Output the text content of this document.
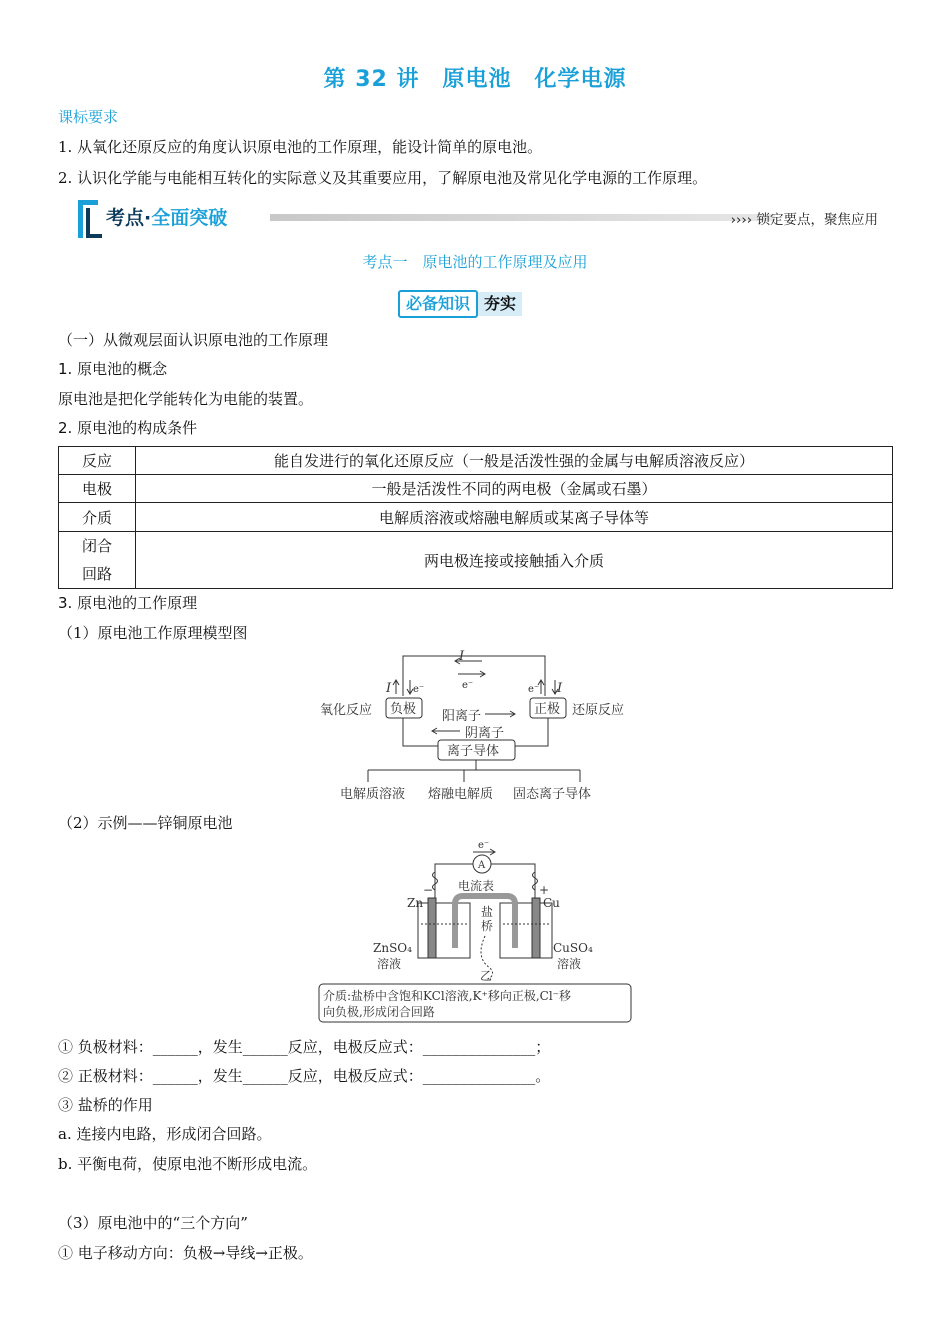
第 32 讲　原电池　化学电源
课标要求
1. 从氧化还原反应的角度认识原电池的工作原理，能设计简单的原电池。
2. 认识化学能与电能相互转化的实际意义及其重要应用，了解原电池及常见化学电源的工作原理。
考点·全面突破	›››› 锁定要点，聚焦应用
考点一　原电池的工作原理及应用
必备知识 夯实
（一）从微观层面认识原电池的工作原理
1. 原电池的概念
原电池是把化学能转化为电能的装置。
2. 原电池的构成条件
反应	能自发进行的氧化还原反应（一般是活泼性强的金属与电解质溶液反应）
电极	一般是活泼性不同的两电极（金属或石墨）
介质	电解质溶液或熔融电解质或某离子导体等

闭合
回路	两电极连接或接触插入介质
3. 原电池的工作原理
（1）原电池工作原理模型图
I
e⁻
I e⁻	e⁻ I
氧化反应 负极	正极 还原反应
阳离子
阴离子
离子导体
电解质溶液 熔融电解质 固态离子导体
（2）示例——锌铜原电池
e⁻
A
电流表
Zn
−
Cu
+
盐
桥
ZnSO₄
溶液
CuSO₄
溶液
乙
介质:盐桥中含饱和KCl溶液,K⁺移向正极,Cl⁻移
向负极,形成闭合回路
① 负极材料：______，发生______反应，电极反应式：_______________；
② 正极材料：______，发生______反应，电极反应式：_______________。
③ 盐桥的作用
a. 连接内电路，形成闭合回路。
b. 平衡电荷，使原电池不断形成电流。
（3）原电池中的“三个方向”
① 电子移动方向：负极→导线→正极。
